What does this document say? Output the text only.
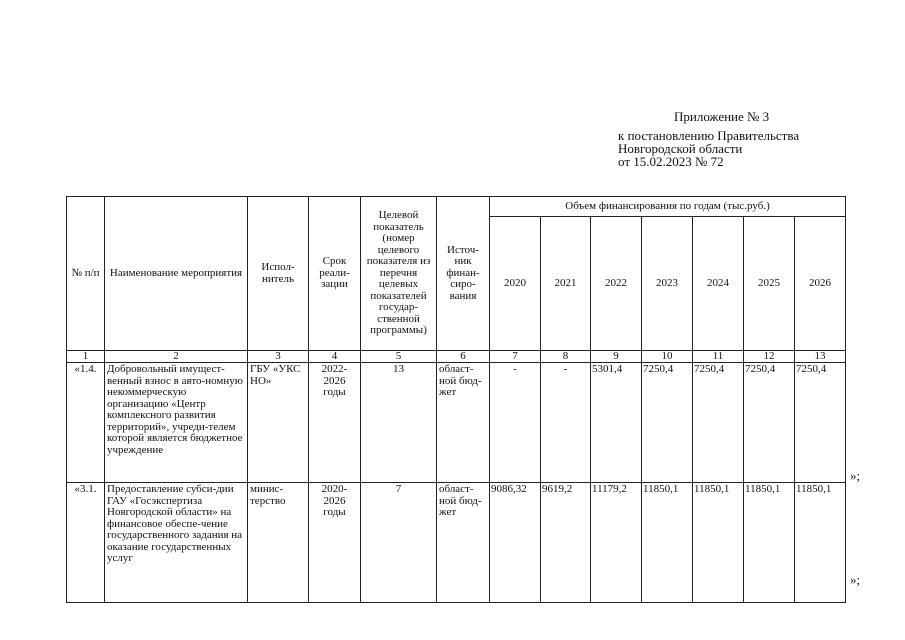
Приложение № 3
к постановлению Правительства
Новгородской области
от 15.02.2023 № 72
№ п/п	Наименование мероприятия	Испол-нитель	Срок реали-зации	Целевой показатель (номер целевого показателя из перечня целевых показателей государ-ственной программы)	Источ-ник финан-сиро-вания	Объем финансирования по годам (тыс.руб.)						
						2020	2021	2022	2023	2024	2025	2026
1	2	3	4	5	6	7	8	9	10	11	12	13
«1.4.	Добровольный имущест-венный взнос в авто-номную некоммерческую организацию «Центр комплексного развития территорий», учреди-телем которой является бюджетное учреждение	ГБУ «УКС НО»	2022-2026 годы	13	област-ной бюд-жет	-	-	5301,4	7250,4	7250,4	7250,4	7250,4
«3.1.	Предоставление субси-дии ГАУ «Госэкспертиза Новгородской области» на финансовое обеспе-чение государственного задания на оказание государственных услуг	минис-терство	2020-2026 годы	7	област-ной бюд-жет	9086,32	9619,2	11179,2	11850,1	11850,1	11850,1	11850,1
»;
»;
